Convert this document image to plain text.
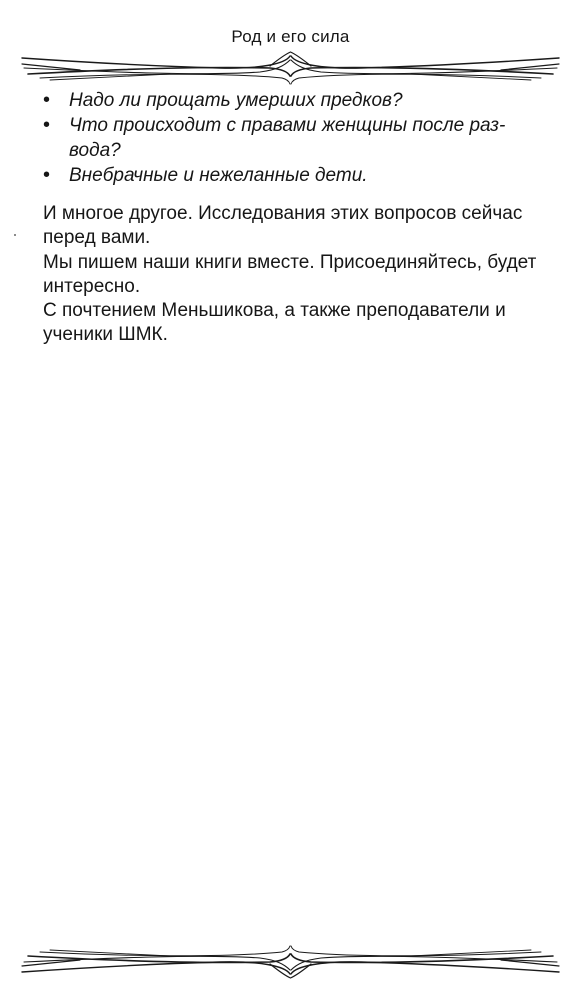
Род и его сила
• Надо ли прощать умерших предков?
• Что происходит с правами женщины после раз-
вода?
• Внебрачные и нежеланные дети.

И многое другое. Исследования этих вопросов сейчас
перед вами.

Мы пишем наши книги вместе. Присоединяйтесь, будет
интересно.

С почтением Меньшикова, а также преподаватели и
ученики ШМК.
